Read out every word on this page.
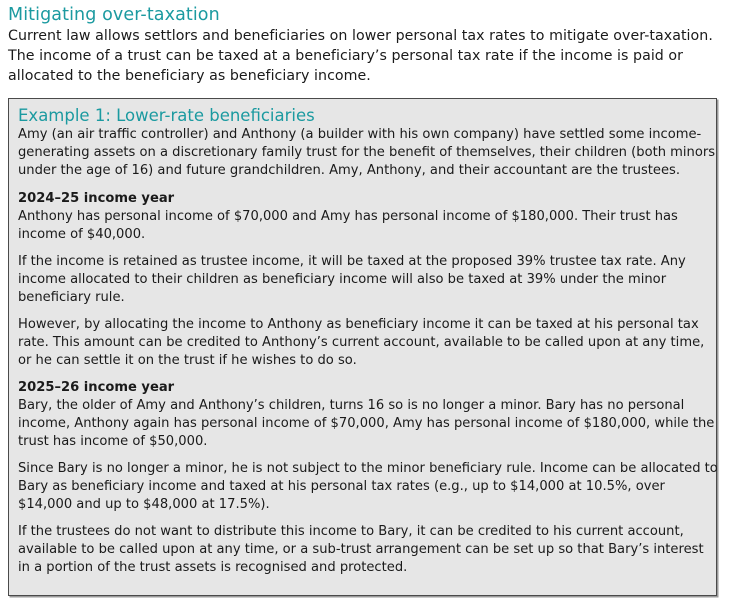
Mitigating over-taxation

Current law allows settlors and beneficiaries on lower personal tax rates to mitigate over-taxation. The income of a trust can be taxed at a beneficiary’s personal tax rate if the income is paid or allocated to the beneficiary as beneficiary income.

Example 1: Lower-rate beneficiaries

Amy (an air traffic controller) and Anthony (a builder with his own company) have settled some income-generating assets on a discretionary family trust for the benefit of themselves, their children (both minors under the age of 16) and future grandchildren. Amy, Anthony, and their accountant are the trustees.

2024–25 income year

Anthony has personal income of $70,000 and Amy has personal income of $180,000. Their trust has income of $40,000.

If the income is retained as trustee income, it will be taxed at the proposed 39% trustee tax rate. Any income allocated to their children as beneficiary income will also be taxed at 39% under the minor beneficiary rule.

However, by allocating the income to Anthony as beneficiary income it can be taxed at his personal tax rate. This amount can be credited to Anthony’s current account, available to be called upon at any time, or he can settle it on the trust if he wishes to do so.

2025–26 income year

Bary, the older of Amy and Anthony’s children, turns 16 so is no longer a minor. Bary has no personal income, Anthony again has personal income of $70,000, Amy has personal income of $180,000, while the trust has income of $50,000.

Since Bary is no longer a minor, he is not subject to the minor beneficiary rule. Income can be allocated to Bary as beneficiary income and taxed at his personal tax rates (e.g., up to $14,000 at 10.5%, over $14,000 and up to $48,000 at 17.5%).

If the trustees do not want to distribute this income to Bary, it can be credited to his current account, available to be called upon at any time, or a sub-trust arrangement can be set up so that Bary’s interest in a portion of the trust assets is recognised and protected.
